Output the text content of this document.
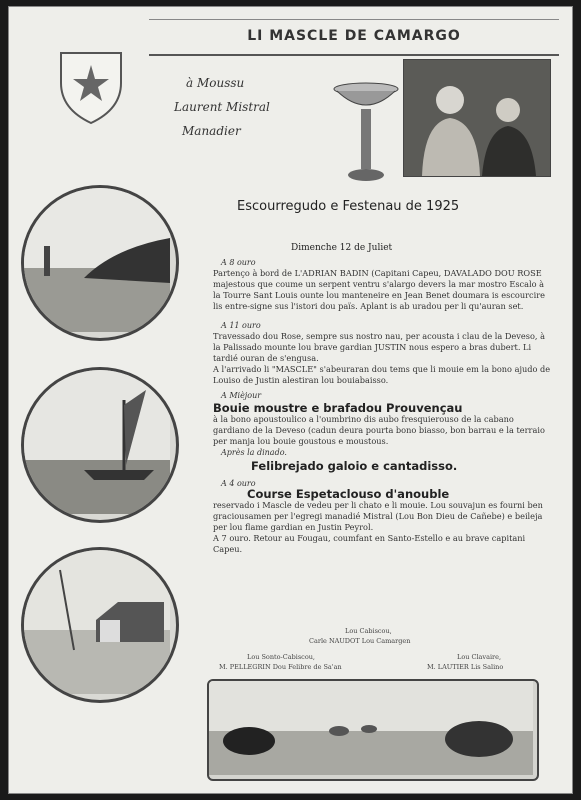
LI MASCLE DE CAMARGO
à Moussu
Laurent Mistral
Manadier
Escourregudo e Festenau de 1925
Dimenche 12 de Juliet

A 8 ouro

Partenço à bord de L'ADRIAN BADIN (Capitani Capeu, DAVALADO DOU ROSE majestous que coume un serpent ventru s'alargo devers la mar mostro Escalo à la Tourre Sant Louis ounte lou manteneire en Jean Benet doumara is escourcire lis entre-signe sus l'istori dou païs. Aplant is ab uradou per li qu'auran set.

A 11 ouro

Travessado dou Rose, sempre sus nostro nau, per acousta i clau de la Deveso, à la Palissado mounte lou brave gardian JUSTIN nous espero a bras dubert. Li tardié ouran de s'engusa.

A l'arrivado li "MASCLE" s'abeuraran dou tems que li mouie em la bono ajudo de Louiso de Justin alestiran lou bouiabaisso.

A Mièjour

Bouie moustre e brafadou Prouvençau

à la bono apoustoulico a l'oumbrino dis aubo fresquierouso de la cabano gardiano de la Deveso (cadun deura pourta bono biasso, bon barrau e la terraio per manja lou bouie goustous e moustous.

Après la dinado.

Felibrejado galoio e cantadisso.

A 4 ouro

Course Espetaclouso d'anouble

reservado i Mascle de vedeu per li chato e li mouie. Lou souvajun es fourni ben graciousamen per l'egregi manadié Mistral (Lou Bon Dieu de Cañebe) e beileja per lou flame gardian en Justin Peyrol.

A 7 ouro. Retour au Fougau, coumfant en Santo-Estello e au brave capitani Capeu.

Lou Cabiscou,
Carle NAUDOT Lou Camargen
Lou Sonto-Cabiscou,
M. PELLEGRIN Dou Felibre de Sa'an
Lou Clavaire,
M. LAUTIER Lis Salino
